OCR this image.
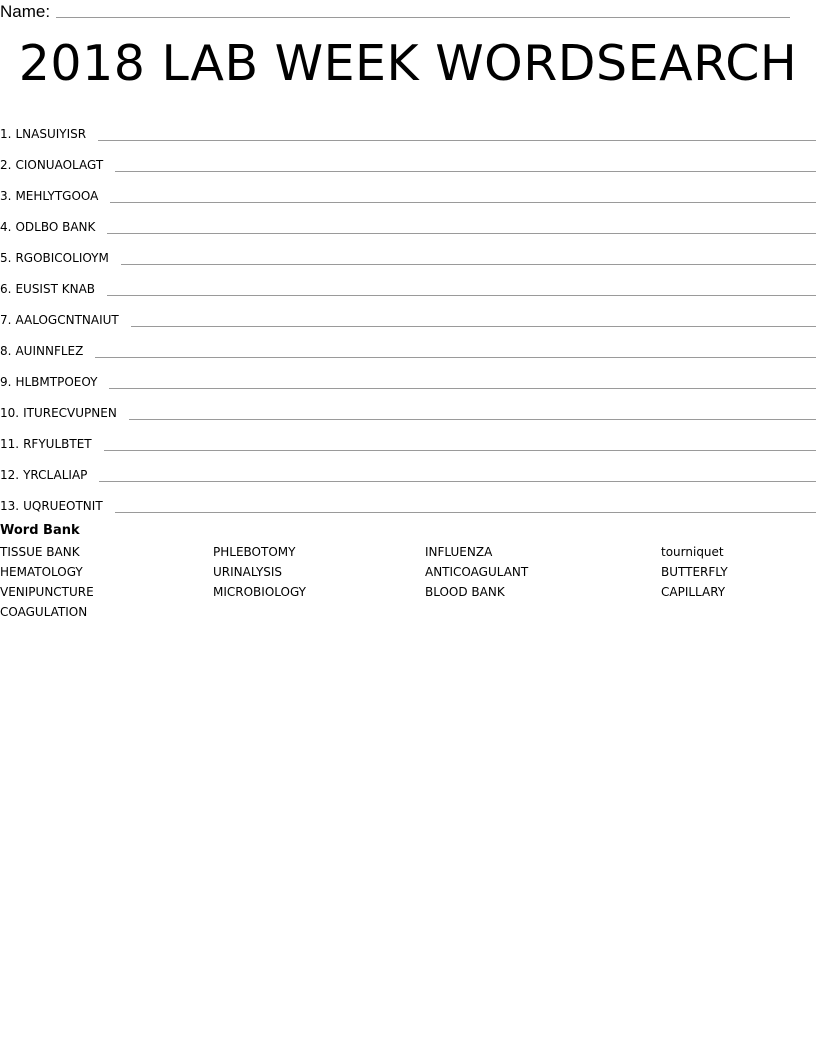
Name:
2018 LAB WEEK WORDSEARCH
1. LNASUIYISR
2. CIONUAOLAGT
3. MEHLYTGOOA
4. ODLBO BANK
5. RGOBICOLIOYM
6. EUSIST KNAB
7. AALOGCNTNAIUT
8. AUINNFLEZ
9. HLBMTPOEOY
10. ITURECVUPNEN
11. RFYULBTET
12. YRCLALIAP
13. UQRUEOTNIT
Word Bank
TISSUE BANK
HEMATOLOGY
VENIPUNCTURE
COAGULATION
PHLEBOTOMY
URINALYSIS
MICROBIOLOGY
INFLUENZA
ANTICOAGULANT
BLOOD BANK
tourniquet
BUTTERFLY
CAPILLARY
